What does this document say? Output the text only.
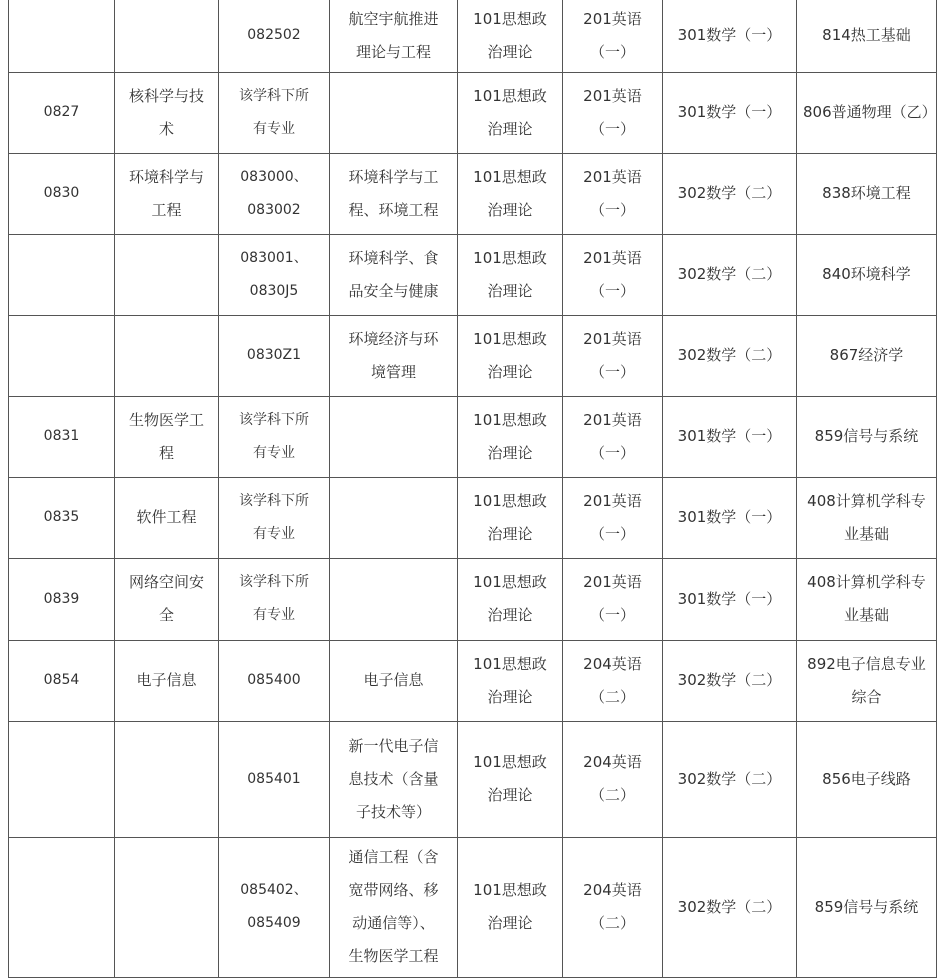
		082502	航空宇航推进
理论与工程	101思想政
治理论	201英语
（一）	301数学（一）	814热工基础

0827	核科学与技
术	该学科下所
有专业		101思想政
治理论	201英语
（一）	301数学（一）	806普通物理（乙）

0830	环境科学与
工程	083000、
083002	环境科学与工
程、环境工程	101思想政
治理论	201英语
（一）	302数学（二）	838环境工程

		083001、
0830J5	环境科学、食
品安全与健康	101思想政
治理论	201英语
（一）	302数学（二）	840环境科学

		0830Z1	环境经济与环
境管理	101思想政
治理论	201英语
（一）	302数学（二）	867经济学

0831	生物医学工
程	该学科下所
有专业		101思想政
治理论	201英语
（一）	301数学（一）	859信号与系统

0835	软件工程	该学科下所
有专业		101思想政
治理论	201英语
（一）	301数学（一）	408计算机学科专
业基础

0839	网络空间安
全	该学科下所
有专业		101思想政
治理论	201英语
（一）	301数学（一）	408计算机学科专
业基础

0854	电子信息	085400	电子信息	101思想政
治理论	204英语
（二）	302数学（二）	892电子信息专业
综合

		085401	新一代电子信
息技术（含量
子技术等）	101思想政
治理论	204英语
（二）	302数学（二）	856电子线路

		085402、
085409	通信工程（含
宽带网络、移
动通信等）、
生物医学工程	101思想政
治理论	204英语
（二）	302数学（二）	859信号与系统
